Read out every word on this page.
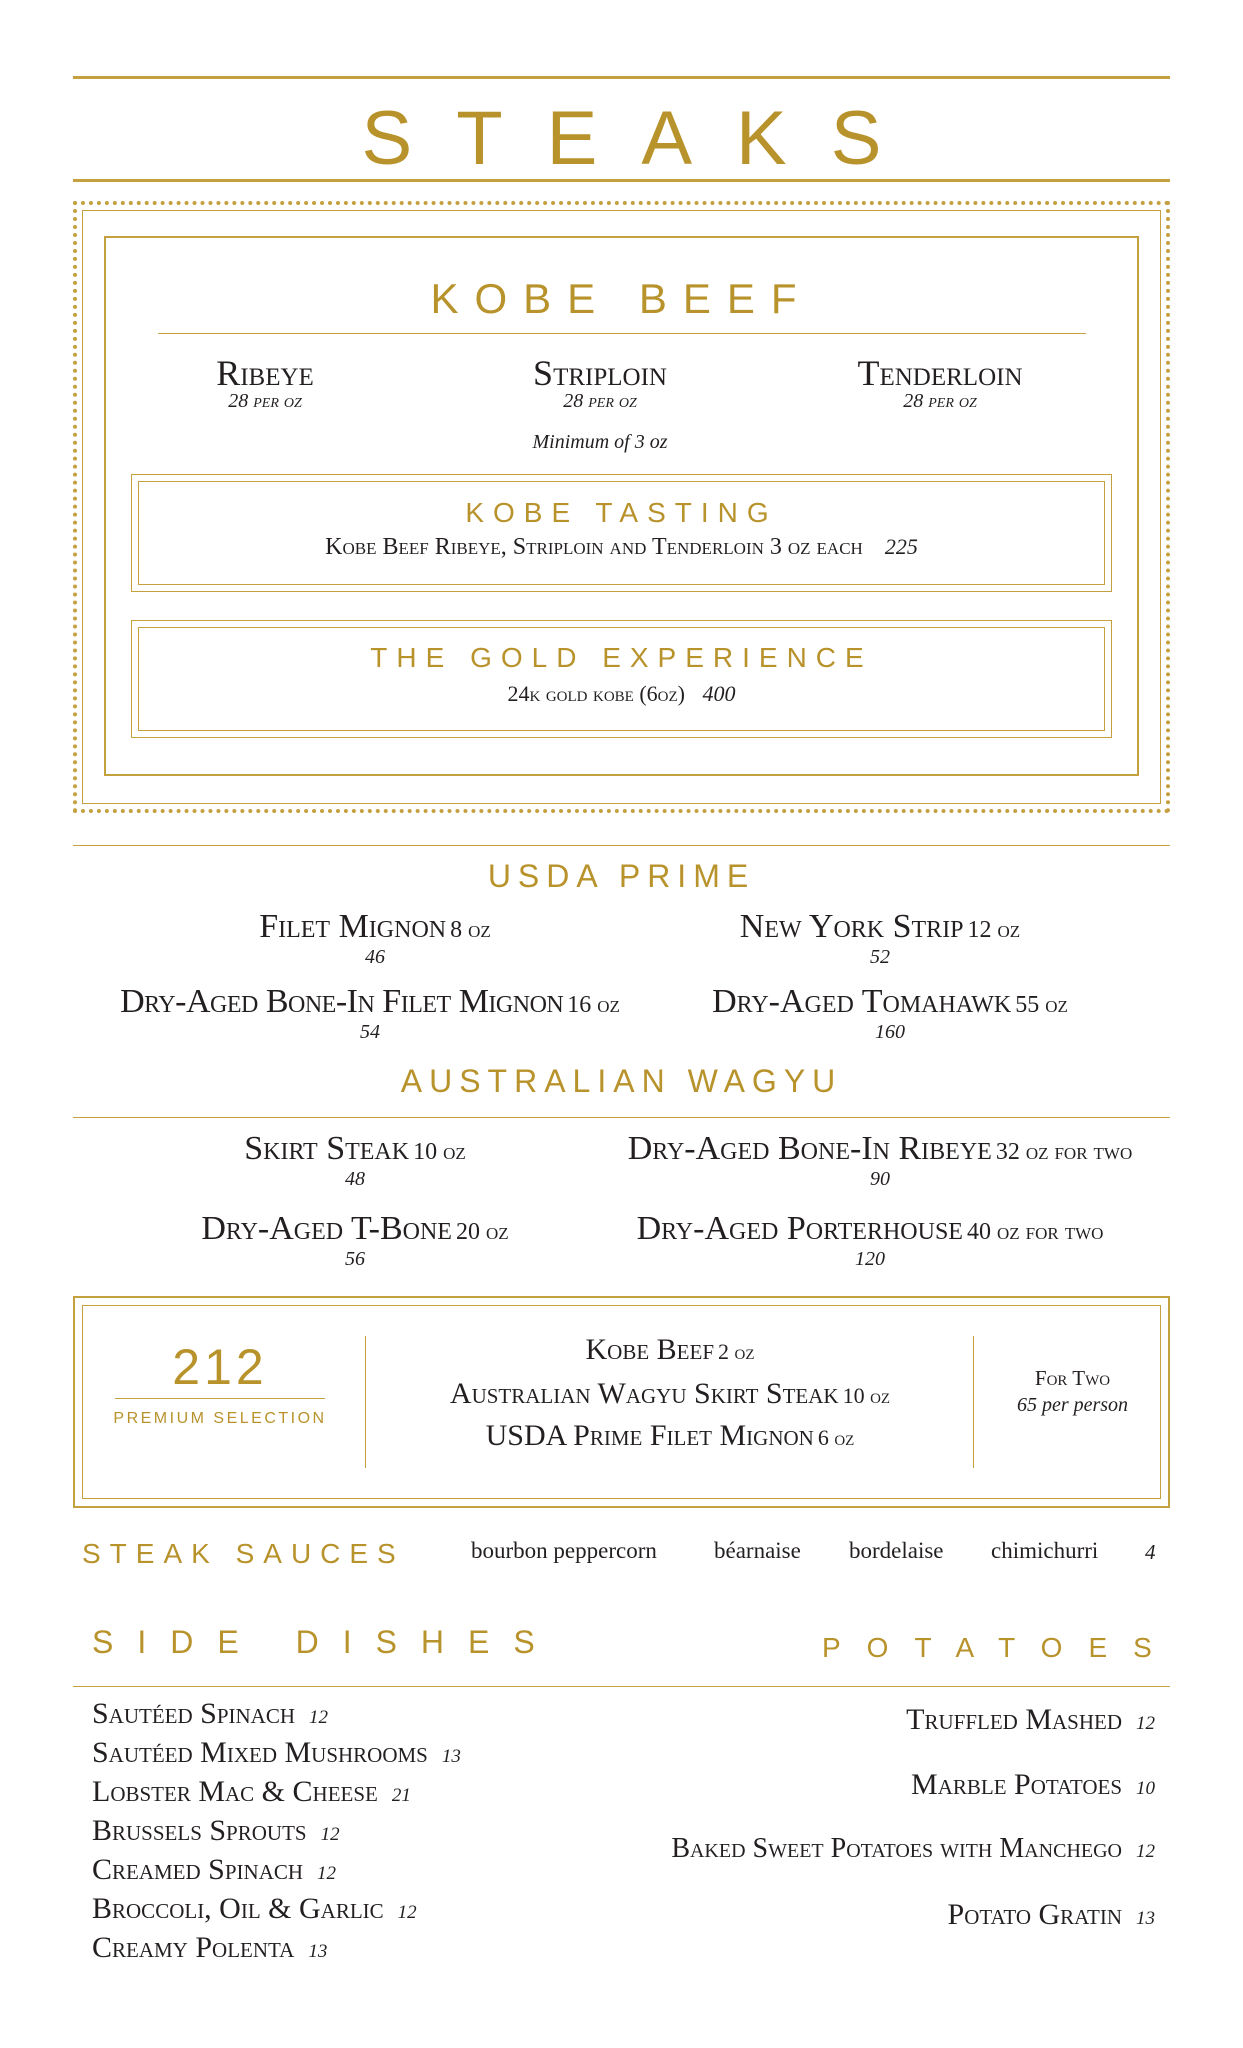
STEAKS
KOBE BEEF
Ribeye
28 per oz
Striploin
28 per oz
Tenderloin
28 per oz
Minimum of 3 oz
KOBE TASTING
Kobe Beef Ribeye, Striploin and Tenderloin 3 oz each 225
THE GOLD EXPERIENCE
24k gold kobe (6oz) 400
USDA PRIME
Filet Mignon 8 oz
46
New York Strip 12 oz
52
Dry-Aged Bone-In Filet Mignon 16 oz
54
Dry-Aged Tomahawk 55 oz
160
AUSTRALIAN WAGYU
Skirt Steak 10 oz
48
Dry-Aged Bone-In Ribeye 32 oz for two
90
Dry-Aged T-Bone 20 oz
56
Dry-Aged Porterhouse 40 oz for two
120
212
PREMIUM SELECTION
Kobe Beef 2 oz
Australian Wagyu Skirt Steak 10 oz
USDA Prime Filet Mignon 6 oz
For Two
65 per person
STEAK SAUCES	bourbon peppercorn béarnaise bordelaise chimichurri 4
SIDE DISHES	POTATOES
Sautéed Spinach 12
Sautéed Mixed Mushrooms 13
Lobster Mac & Cheese 21
Brussels Sprouts 12
Creamed Spinach 12
Broccoli, Oil & Garlic 12
Creamy Polenta 13
Truffled Mashed 12
Marble Potatoes 10
Baked Sweet Potatoes with Manchego 12
Potato Gratin 13
